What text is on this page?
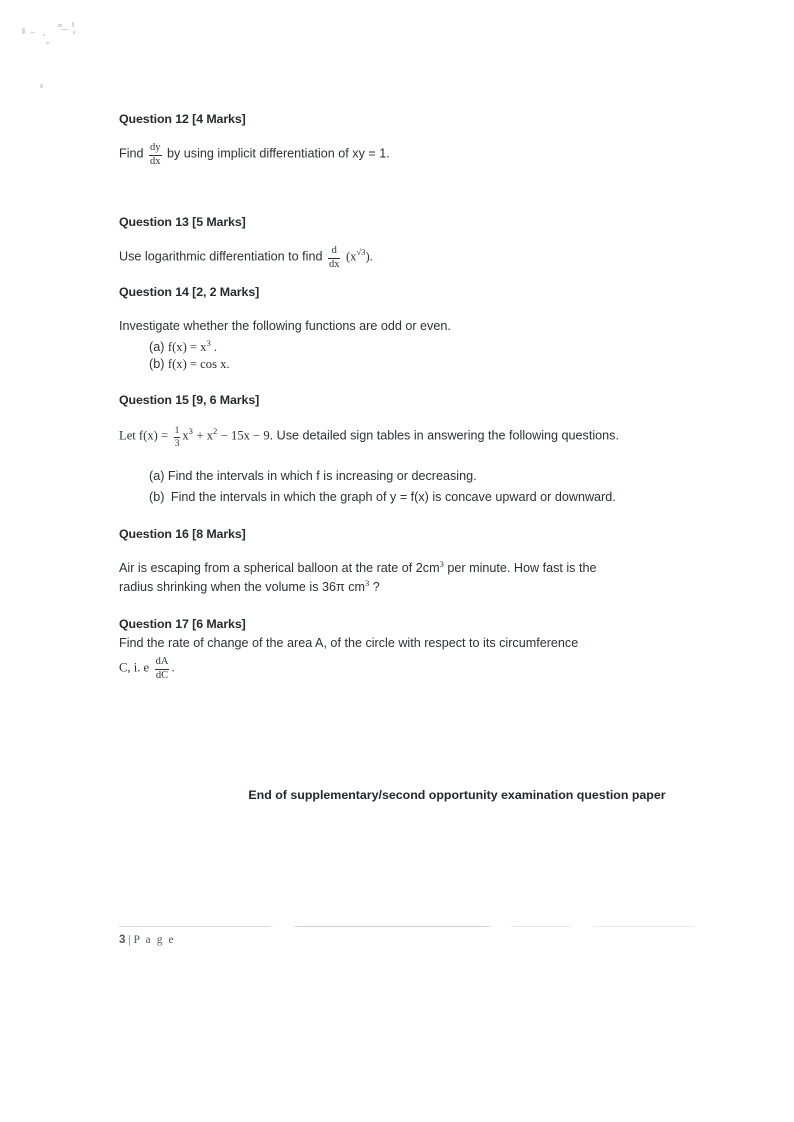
Question 12 [4 Marks]
Find $\frac{dy}{dx}$ by using implicit differentiation of xy = 1.
Question 13 [5 Marks]
Use logarithmic differentiation to find $\frac{d}{dx} (x^{√3})$.
Question 14 [2, 2 Marks]
Investigate whether the following functions are odd or even.
(a) $f(x) = x^3$ .
(b) f(x) = cos x.
Question 15 [9, 6 Marks]
Let $f(x) = \frac{1}{3} x^3 + x^2 - 15x - 9$. Use detailed sign tables in answering the following questions.
(a) Find the intervals in which f is increasing or decreasing.
(b) Find the intervals in which the graph of y = f(x) is concave upward or downward.
Question 16 [8 Marks]
Air is escaping from a spherical balloon at the rate of $2cm^3$ per minute. How fast is the
radius shrinking when the volume is 36π $cm^3$ ?
Question 17 [6 Marks]
Find the rate of change of the area A, of the circle with respect to its circumference
C, i. e $\frac{dA}{dC}$ .
End of supplementary/second opportunity examination question paper
3 | P a g e
